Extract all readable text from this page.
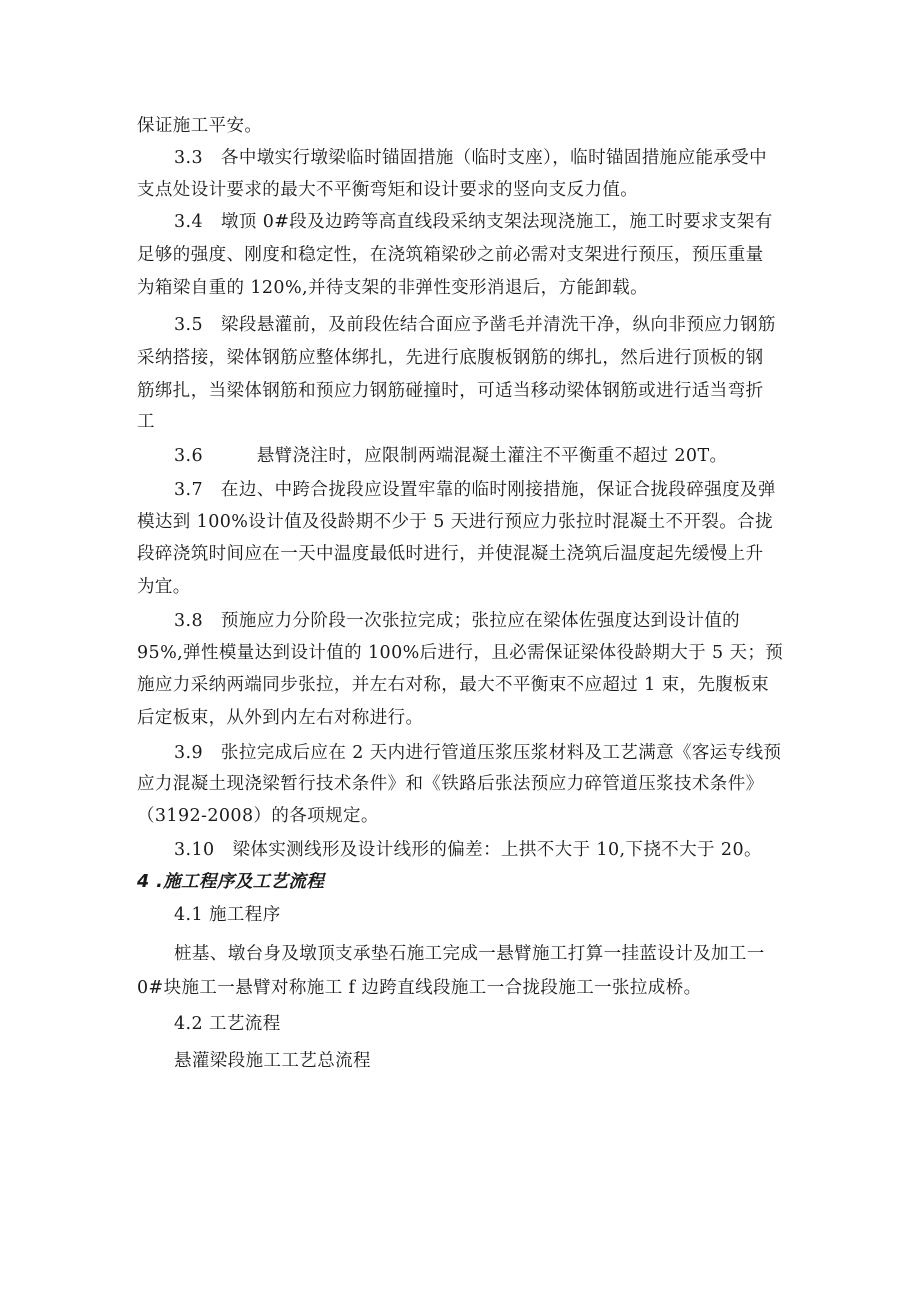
保证施工平安。
3.3　各中墩实行墩梁临时锚固措施（临时支座），临时锚固措施应能承受中
支点处设计要求的最大不平衡弯矩和设计要求的竖向支反力值。
3.4　墩顶 0#段及边跨等高直线段采纳支架法现浇施工，施工时要求支架有
足够的强度、刚度和稳定性，在浇筑箱梁砂之前必需对支架进行预压，预压重量
为箱梁自重的 120%,并待支架的非弹性变形消退后，方能卸载。
3.5　梁段悬灌前，及前段佐结合面应予凿毛并清洗干净，纵向非预应力钢筋
采纳搭接，梁体钢筋应整体绑扎，先进行底腹板钢筋的绑扎，然后进行顶板的钢
筋绑扎，当梁体钢筋和预应力钢筋碰撞时，可适当移动梁体钢筋或进行适当弯折
工
3.6　　　悬臂浇注时，应限制两端混凝土灌注不平衡重不超过 20T。
3.7　在边、中跨合拢段应设置牢靠的临时刚接措施，保证合拢段碎强度及弹
模达到 100%设计值及役龄期不少于 5 天进行预应力张拉时混凝土不开裂。合拢
段碎浇筑时间应在一天中温度最低时进行，并使混凝土浇筑后温度起先缓慢上升
为宜。
3.8　预施应力分阶段一次张拉完成；张拉应在梁体佐强度达到设计值的
95%,弹性模量达到设计值的 100%后进行，且必需保证梁体役龄期大于 5 天；预
施应力采纳两端同步张拉，并左右对称，最大不平衡束不应超过 1 束，先腹板束
后定板束，从外到内左右对称进行。
3.9　张拉完成后应在 2 天内进行管道压浆压浆材料及工艺满意《客运专线预
应力混凝土现浇梁暂行技术条件》和《铁路后张法预应力碎管道压浆技术条件》
（3192-2008）的各项规定。
3.10　梁体实测线形及设计线形的偏差：上拱不大于 10,下挠不大于 20。
4 .施工程序及工艺流程
4.1 施工程序
桩基、墩台身及墩顶支承垫石施工完成一悬臂施工打算一挂蓝设计及加工一
0#块施工一悬臂对称施工 f 边跨直线段施工一合拢段施工一张拉成桥。
4.2 工艺流程
悬灌梁段施工工艺总流程
